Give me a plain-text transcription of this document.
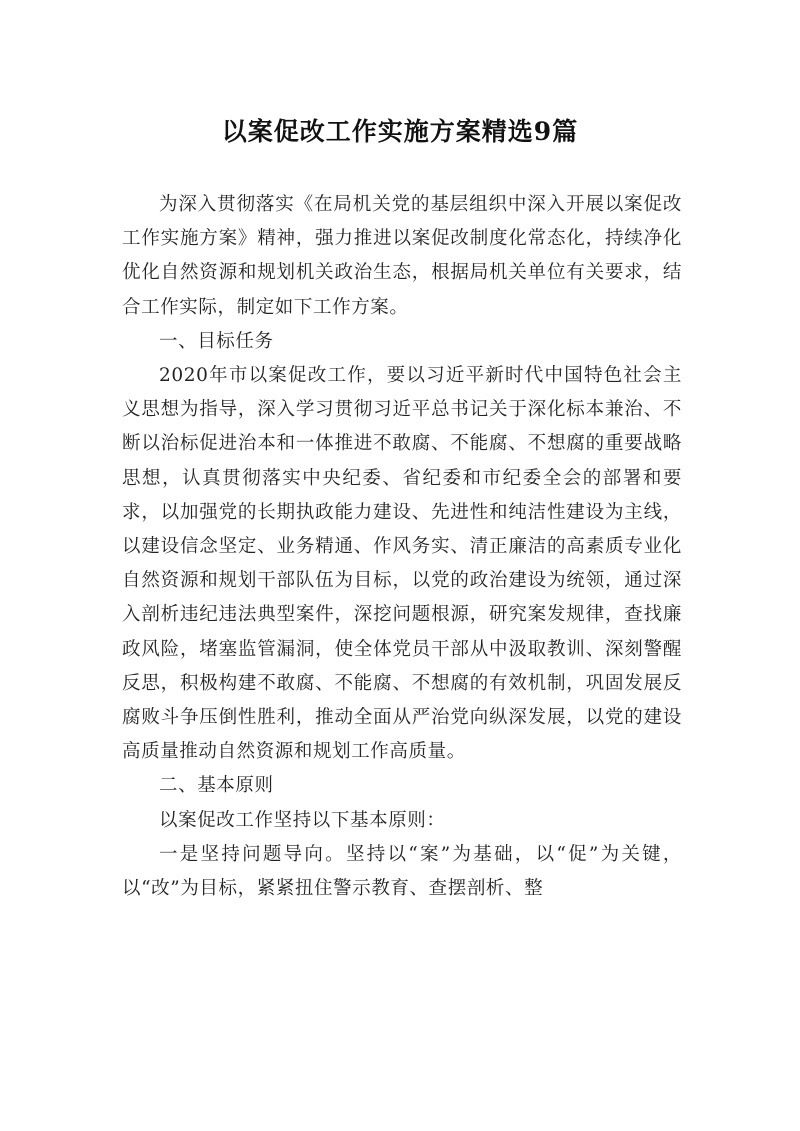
以案促改工作实施方案精选9篇

为深入贯彻落实《在局机关党的基层组织中深入开展以案促改工作实施方案》精神，强力推进以案促改制度化常态化，持续净化优化自然资源和规划机关政治生态，根据局机关单位有关要求，结合工作实际，制定如下工作方案。

一、目标任务

2020年市以案促改工作，要以习近平新时代中国特色社会主义思想为指导，深入学习贯彻习近平总书记关于深化标本兼治、不断以治标促进治本和一体推进不敢腐、不能腐、不想腐的重要战略思想，认真贯彻落实中央纪委、省纪委和市纪委全会的部署和要求，以加强党的长期执政能力建设、先进性和纯洁性建设为主线，以建设信念坚定、业务精通、作风务实、清正廉洁的高素质专业化自然资源和规划干部队伍为目标，以党的政治建设为统领，通过深入剖析违纪违法典型案件，深挖问题根源，研究案发规律，查找廉政风险，堵塞监管漏洞，使全体党员干部从中汲取教训、深刻警醒反思，积极构建不敢腐、不能腐、不想腐的有效机制，巩固发展反腐败斗争压倒性胜利，推动全面从严治党向纵深发展，以党的建设高质量推动自然资源和规划工作高质量。

二、基本原则

以案促改工作坚持以下基本原则：

一是坚持问题导向。坚持以“案”为基础，以“促”为关键，以“改”为目标，紧紧扭住警示教育、查摆剖析、整
